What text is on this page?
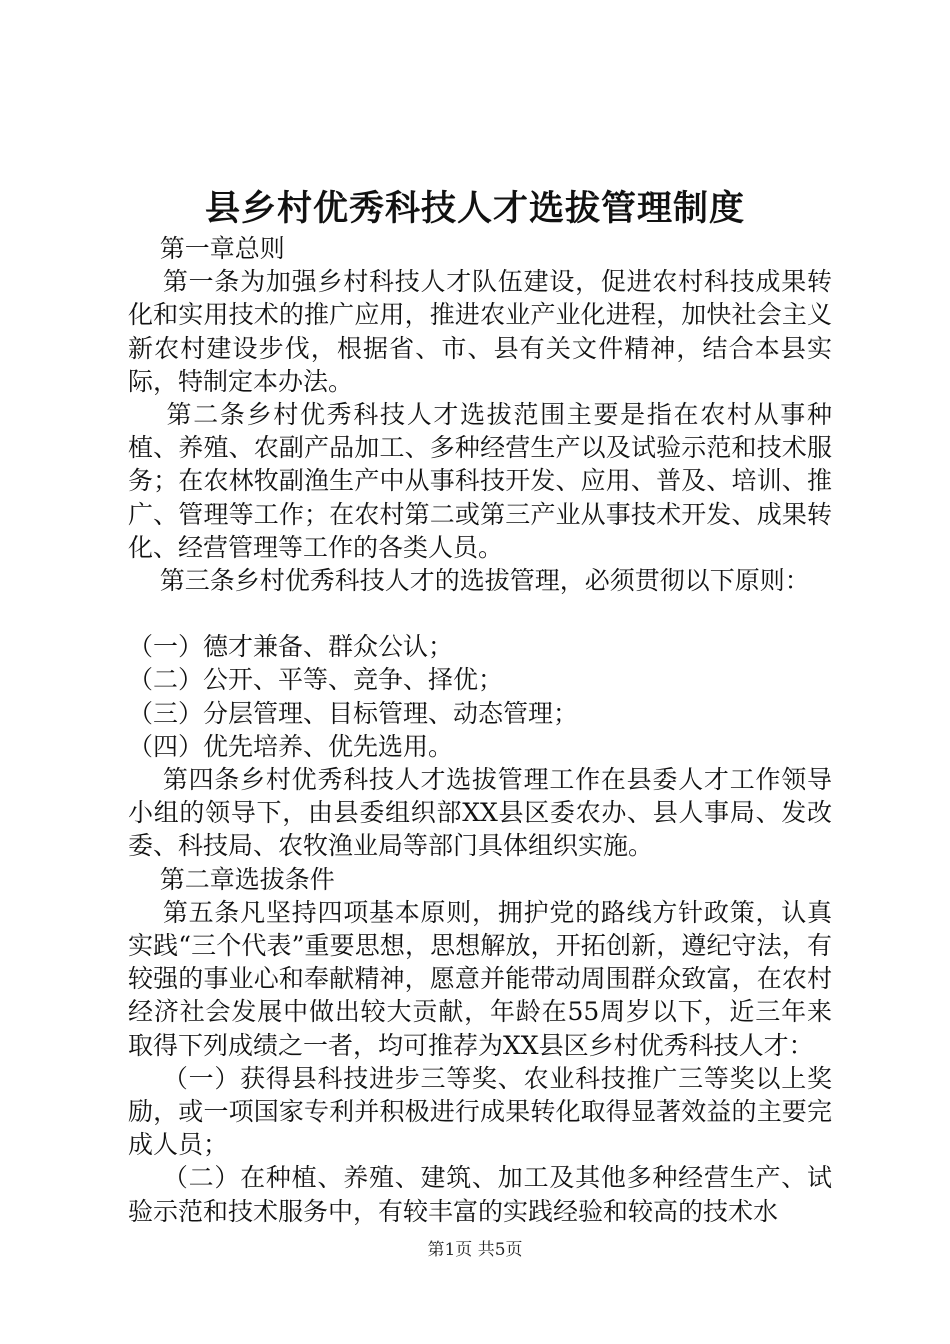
县乡村优秀科技人才选拔管理制度

第一章总则

第一条为加强乡村科技人才队伍建设，促进农村科技成果转化和实用技术的推广应用，推进农业产业化进程，加快社会主义新农村建设步伐，根据省、市、县有关文件精神，结合本县实际，特制定本办法。

第二条乡村优秀科技人才选拔范围主要是指在农村从事种植、养殖、农副产品加工、多种经营生产以及试验示范和技术服务；在农林牧副渔生产中从事科技开发、应用、普及、培训、推广、管理等工作；在农村第二或第三产业从事技术开发、成果转化、经营管理等工作的各类人员。

第三条乡村优秀科技人才的选拔管理，必须贯彻以下原则：

（一）德才兼备、群众公认；

（二）公开、平等、竞争、择优；

（三）分层管理、目标管理、动态管理；

（四）优先培养、优先选用。

第四条乡村优秀科技人才选拔管理工作在县委人才工作领导小组的领导下，由县委组织部XX县区委农办、县人事局、发改委、科技局、农牧渔业局等部门具体组织实施。

第二章选拔条件

第五条凡坚持四项基本原则，拥护党的路线方针政策，认真实践“三个代表”重要思想，思想解放，开拓创新，遵纪守法，有较强的事业心和奉献精神，愿意并能带动周围群众致富，在农村经济社会发展中做出较大贡献，年龄在55周岁以下，近三年来取得下列成绩之一者，均可推荐为XX县区乡村优秀科技人才：

（一）获得县科技进步三等奖、农业科技推广三等奖以上奖励，或一项国家专利并积极进行成果转化取得显著效益的主要完成人员；

（二）在种植、养殖、建筑、加工及其他多种经营生产、试验示范和技术服务中，有较丰富的实践经验和较高的技术水

第1页 共5页
